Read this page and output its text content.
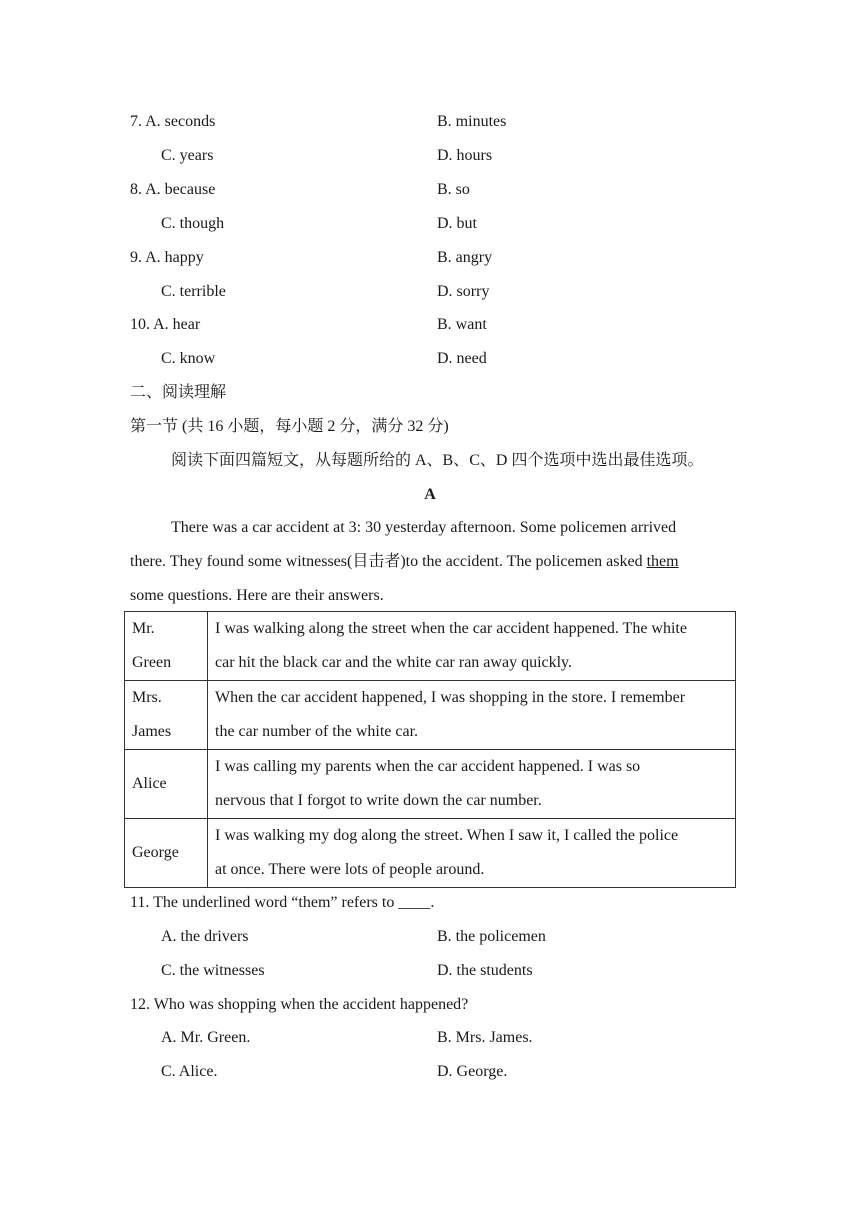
7. A. seconds	B. minutes
C. years	D. hours
8. A. because	B. so
C. though	D. but
9. A. happy	B. angry
C. terrible	D. sorry
10. A. hear	B. want
C. know	D. need
二、阅读理解
第一节 (共 16 小题，每小题 2 分，满分 32 分)
阅读下面四篇短文，从每题所给的 A、B、C、D 四个选项中选出最佳选项。
A
There was a car accident at 3: 30 yesterday afternoon. Some policemen arrived
there. They found some witnesses(目击者)to the accident. The policemen asked them
some questions. Here are their answers.
Mr.
Green	I was walking along the street when the car accident happened. The white
car hit the black car and the white car ran away quickly.
Mrs.
James	When the car accident happened, I was shopping in the store. I remember
the car number of the white car.
Alice	I was calling my parents when the car accident happened. I was so
nervous that I forgot to write down the car number.
George	I was walking my dog along the street. When I saw it, I called the police
at once. There were lots of people around.
11. The underlined word “them” refers to ____.
A. the drivers	B. the policemen
C. the witnesses	D. the students
12. Who was shopping when the accident happened?
A. Mr. Green.	B. Mrs. James.
C. Alice.	D. George.
